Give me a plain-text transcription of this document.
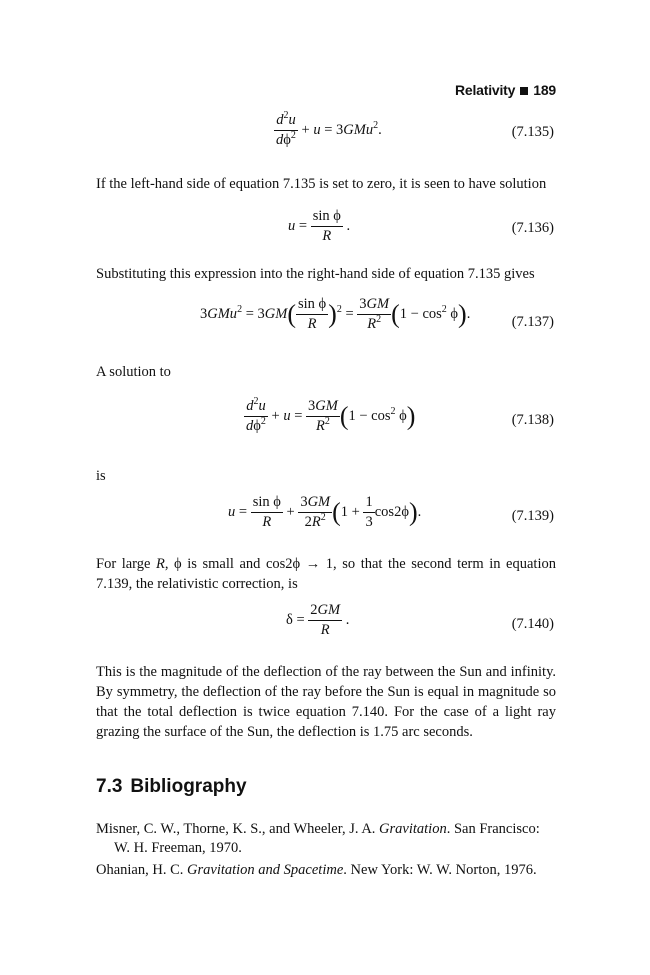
Relativity 189
$\frac{d^2u}{d\phi^2} + u = 3GMu^2$.	(7.135)
If the left-hand side of equation 7.135 is set to zero, it is seen to have solution
$u = \frac{\text{sin ϕ}}{R}$ .	(7.136)
Substituting this expression into the right-hand side of equation 7.135 gives
$3GMu^2 = 3GM( \frac{\text{sin ϕ}}{R} )^2 = \frac{3GM}{R^2} (1 - \cos^2 \phi)$.
(7.137)
A solution to
$\frac{d^2u}{d\phi^2} + u = \frac{3GM}{R^2} (1 - \cos^2 \phi)$	(7.138)
is
$u = \frac{\text{sin ϕ}}{R} + \frac{3GM}{2R^2} (1 + \frac{1}{3} \cos 2\phi)$.	(7.139)
For large R, ϕ is small and cos2ϕ → 1, so that the second term in equation 7.139, the relativistic correction, is
$\delta = \frac{2GM}{R}$ .	(7.140)
This is the magnitude of the deflection of the ray between the Sun and infinity. By symmetry, the deflection of the ray before the Sun is equal in magnitude so that the total deflection is twice equation 7.140. For the case of a light ray grazing the surface of the Sun, the deflection is 1.75 arc seconds.
7.3 Bibliography
Misner, C. W., Thorne, K. S., and Wheeler, J. A. Gravitation. San Francisco: W. H. Freeman, 1970.
Ohanian, H. C. Gravitation and Spacetime. New York: W. W. Norton, 1976.
